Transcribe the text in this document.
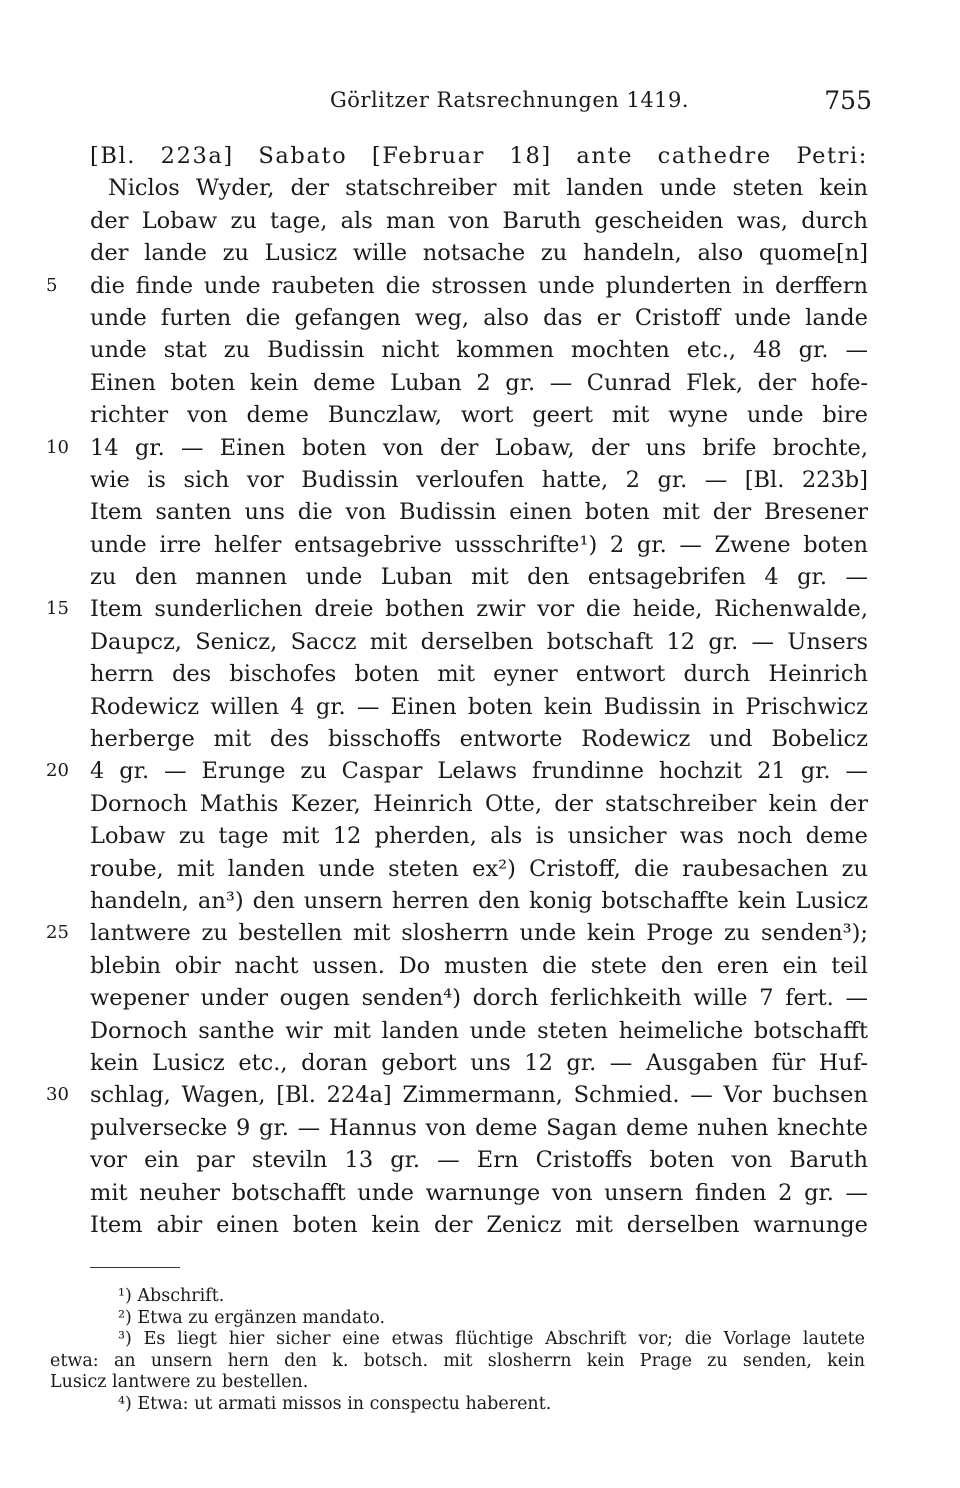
Görlitzer Ratsrechnungen 1419.	755
[Bl. 223a] Sabato [Februar 18] ante cathedre Petri:
Niclos Wyder, der statschreiber mit landen unde steten kein
der Lobaw zu tage, als man von Baruth gescheiden was, durch
der lande zu Lusicz wille notsache zu handeln, also quome[n]
5	die finde unde raubeten die strossen unde plunderten in derffern
unde furten die gefangen weg, also das er Cristoff unde lande
unde stat zu Budissin nicht kommen mochten etc., 48 gr. —
Einen boten kein deme Luban 2 gr. — Cunrad Flek, der hofe-
richter von deme Bunczlaw, wort geert mit wyne unde bire
10 14 gr. — Einen boten von der Lobaw, der uns brife brochte,
wie is sich vor Budissin verloufen hatte, 2 gr. — [Bl. 223b]
Item santen uns die von Budissin einen boten mit der Bresener
unde irre helfer entsagebrive ussschrifte¹) 2 gr. — Zwene boten
zu den mannen unde Luban mit den entsagebrifen 4 gr. —
15 Item sunderlichen dreie bothen zwir vor die heide, Richenwalde,
Daupcz, Senicz, Saccz mit derselben botschaft 12 gr. — Unsers
herrn des bischofes boten mit eyner entwort durch Heinrich
Rodewicz willen 4 gr. — Einen boten kein Budissin in Prischwicz
herberge mit des bisschoffs entworte Rodewicz und Bobelicz
20 4 gr. — Erunge zu Caspar Lelaws frundinne hochzit 21 gr. —
Dornoch Mathis Kezer, Heinrich Otte, der statschreiber kein der
Lobaw zu tage mit 12 pherden, als is unsicher was noch deme
roube, mit landen unde steten ex²) Cristoff, die raubesachen zu
handeln, an³) den unsern herren den konig botschaffte kein Lusicz
25 lantwere zu bestellen mit slosherrn unde kein Proge zu senden³);
blebin obir nacht ussen. Do musten die stete den eren ein teil
wepener under ougen senden⁴) dorch ferlichkeith wille 7 fert. —
Dornoch santhe wir mit landen unde steten heimeliche botschafft
kein Lusicz etc., doran gebort uns 12 gr. — Ausgaben für Huf-
30 schlag, Wagen, [Bl. 224a] Zimmermann, Schmied. — Vor buchsen
pulversecke 9 gr. — Hannus von deme Sagan deme nuhen knechte
vor ein par steviln 13 gr. — Ern Cristoffs boten von Baruth
mit neuher botschafft unde warnunge von unsern finden 2 gr. —
Item abir einen boten kein der Zenicz mit derselben warnunge
¹) Abschrift.
²) Etwa zu ergänzen mandato.
³) Es liegt hier sicher eine etwas flüchtige Abschrift vor; die Vorlage lautete
etwa: an unsern hern den k. botsch. mit slosherrn kein Prage zu senden, kein
Lusicz lantwere zu bestellen.
⁴) Etwa: ut armati missos in conspectu haberent.
